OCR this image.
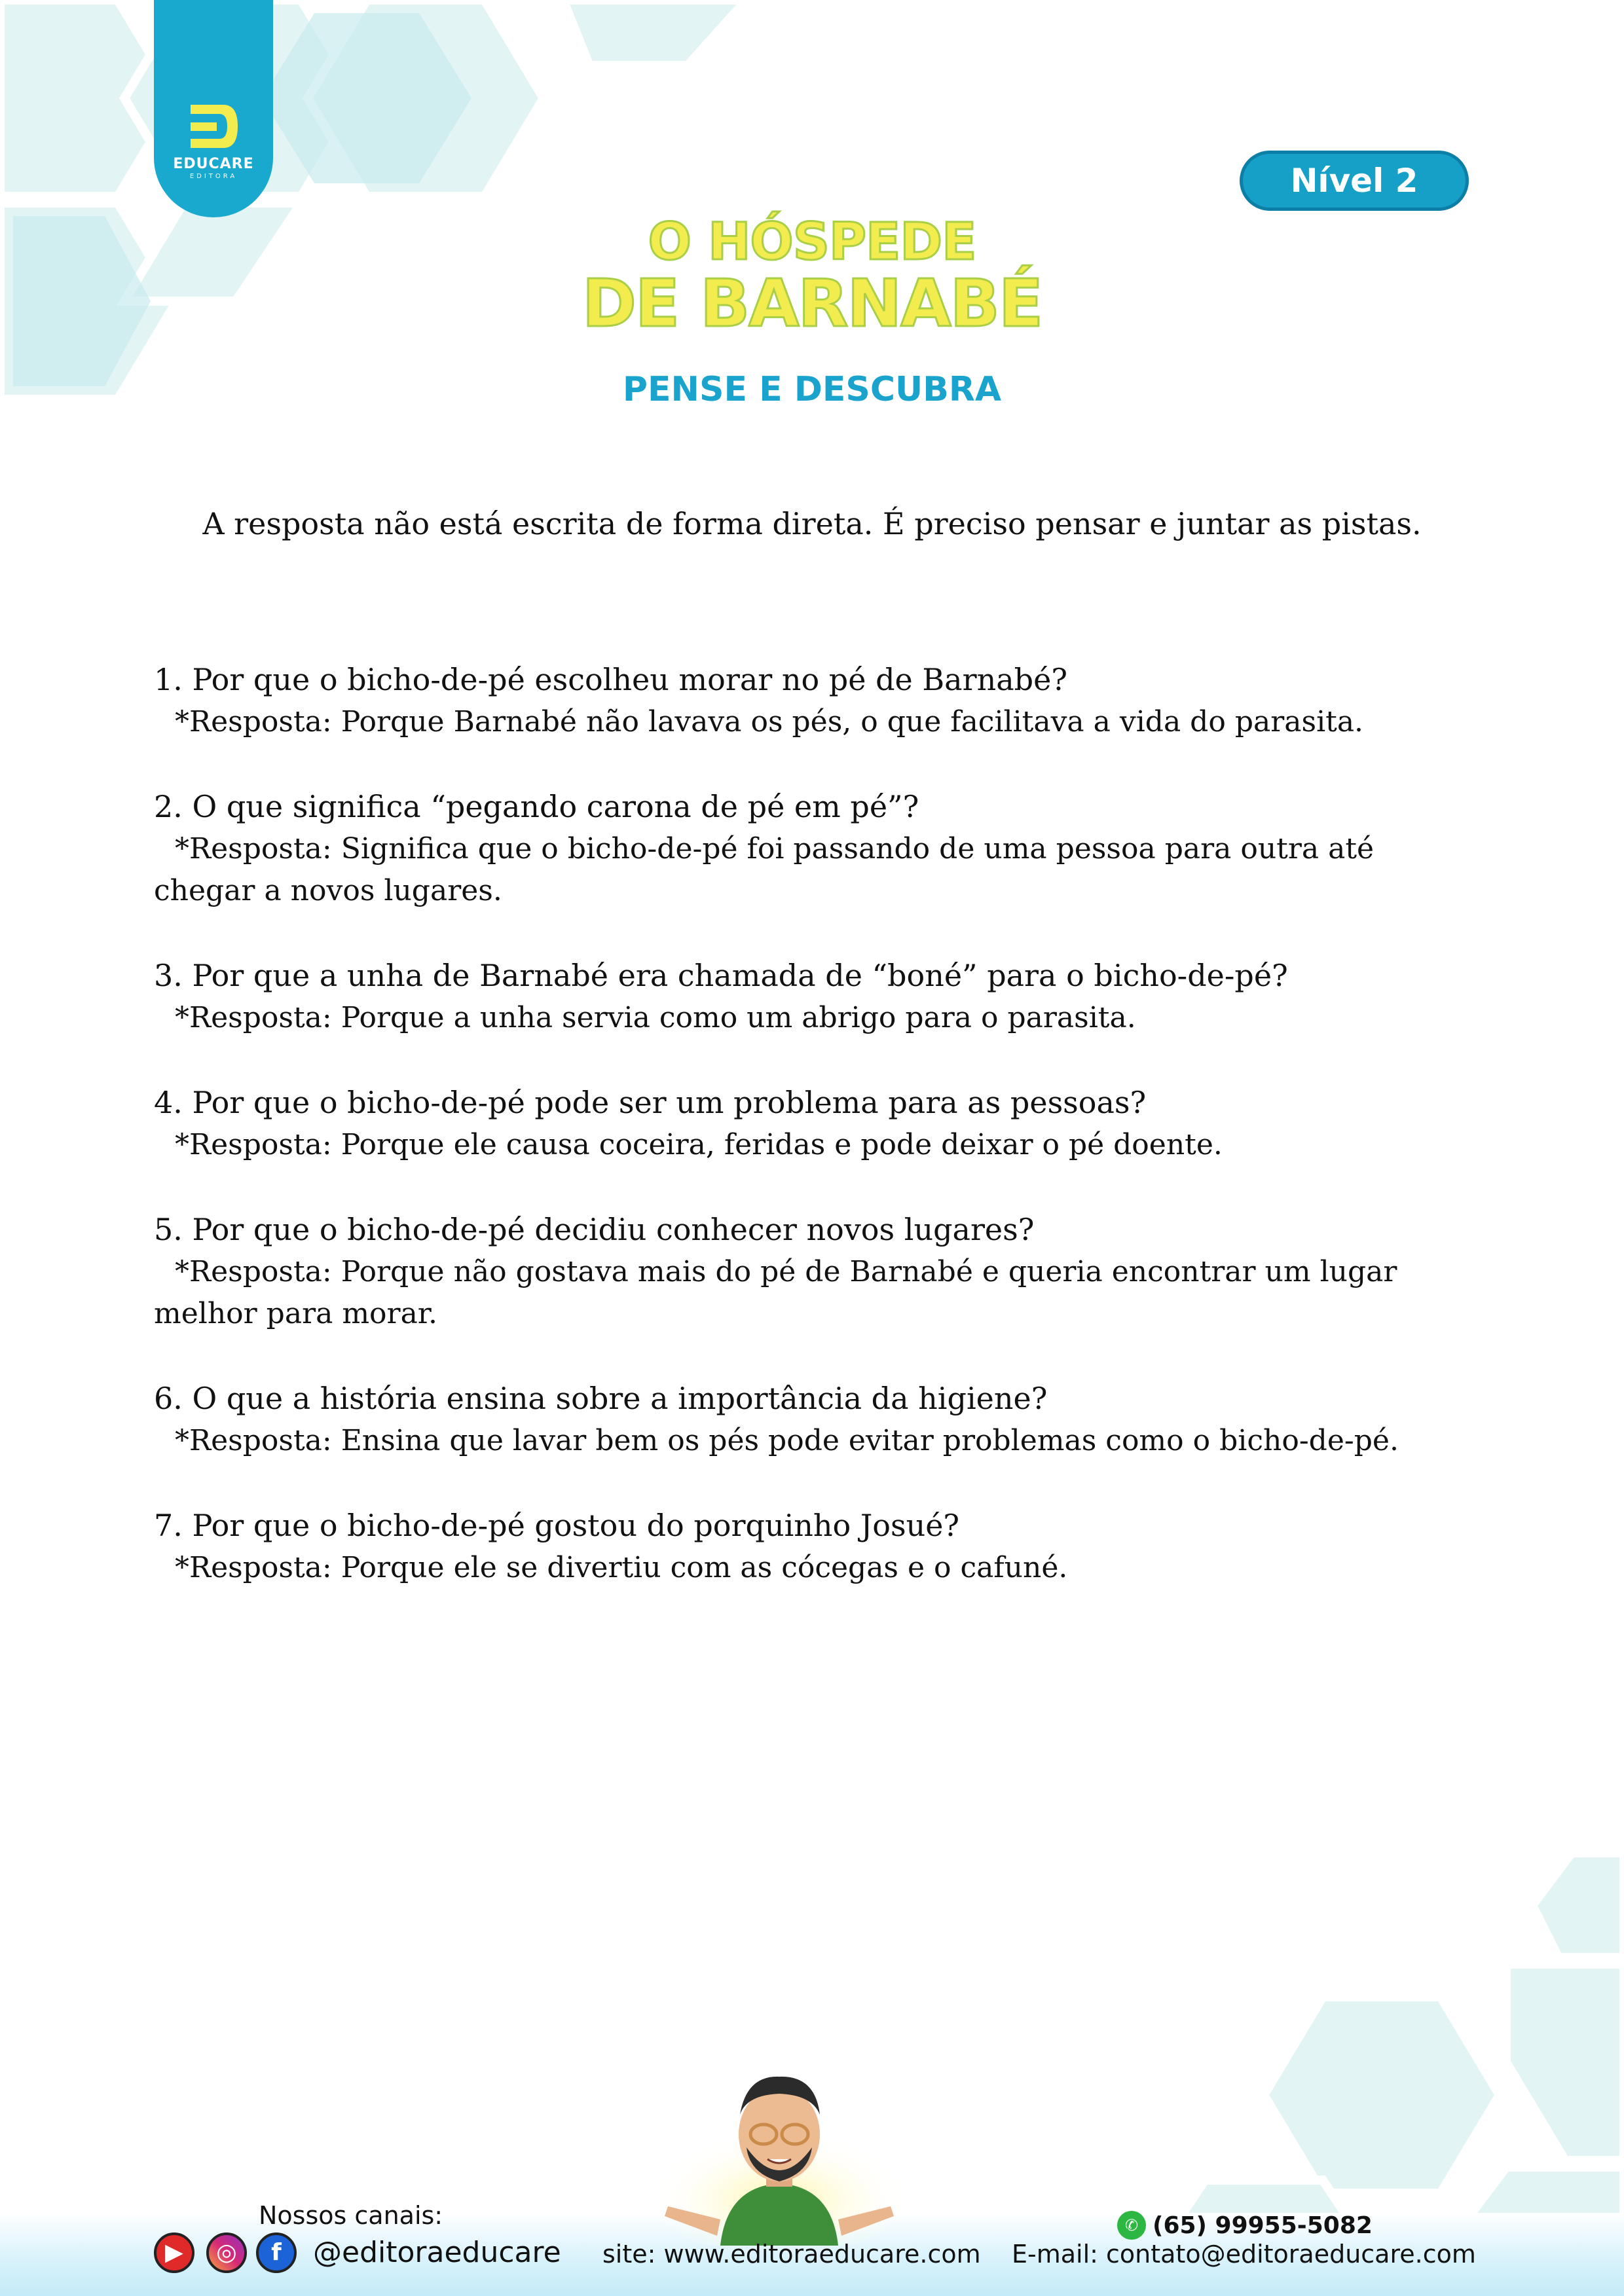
EDUCARE
EDITORA	Nível 2
O HÓSPEDE
DE BARNABÉ
PENSE E DESCUBRA
A resposta não está escrita de forma direta. É preciso pensar e juntar as pistas.
1. Por que o bicho-de-pé escolheu morar no pé de Barnabé?
*Resposta: Porque Barnabé não lavava os pés, o que facilitava a vida do parasita.
2. O que significa “pegando carona de pé em pé”?
*Resposta: Significa que o bicho-de-pé foi passando de uma pessoa para outra até chegar a novos lugares.
3. Por que a unha de Barnabé era chamada de “boné” para o bicho-de-pé?
*Resposta: Porque a unha servia como um abrigo para o parasita.
4. Por que o bicho-de-pé pode ser um problema para as pessoas?
*Resposta: Porque ele causa coceira, feridas e pode deixar o pé doente.
5. Por que o bicho-de-pé decidiu conhecer novos lugares?
*Resposta: Porque não gostava mais do pé de Barnabé e queria encontrar um lugar melhor para morar.
6. O que a história ensina sobre a importância da higiene?
*Resposta: Ensina que lavar bem os pés pode evitar problemas como o bicho-de-pé.
7. Por que o bicho-de-pé gostou do porquinho Josué?
*Resposta: Porque ele se divertiu com as cócegas e o cafuné.
Nossos canais:
▶	◎	f	@editoraeducare site: www.editoraeducare.com
✆ (65) 99955-5082
E-mail: contato@editoraeducare.com
